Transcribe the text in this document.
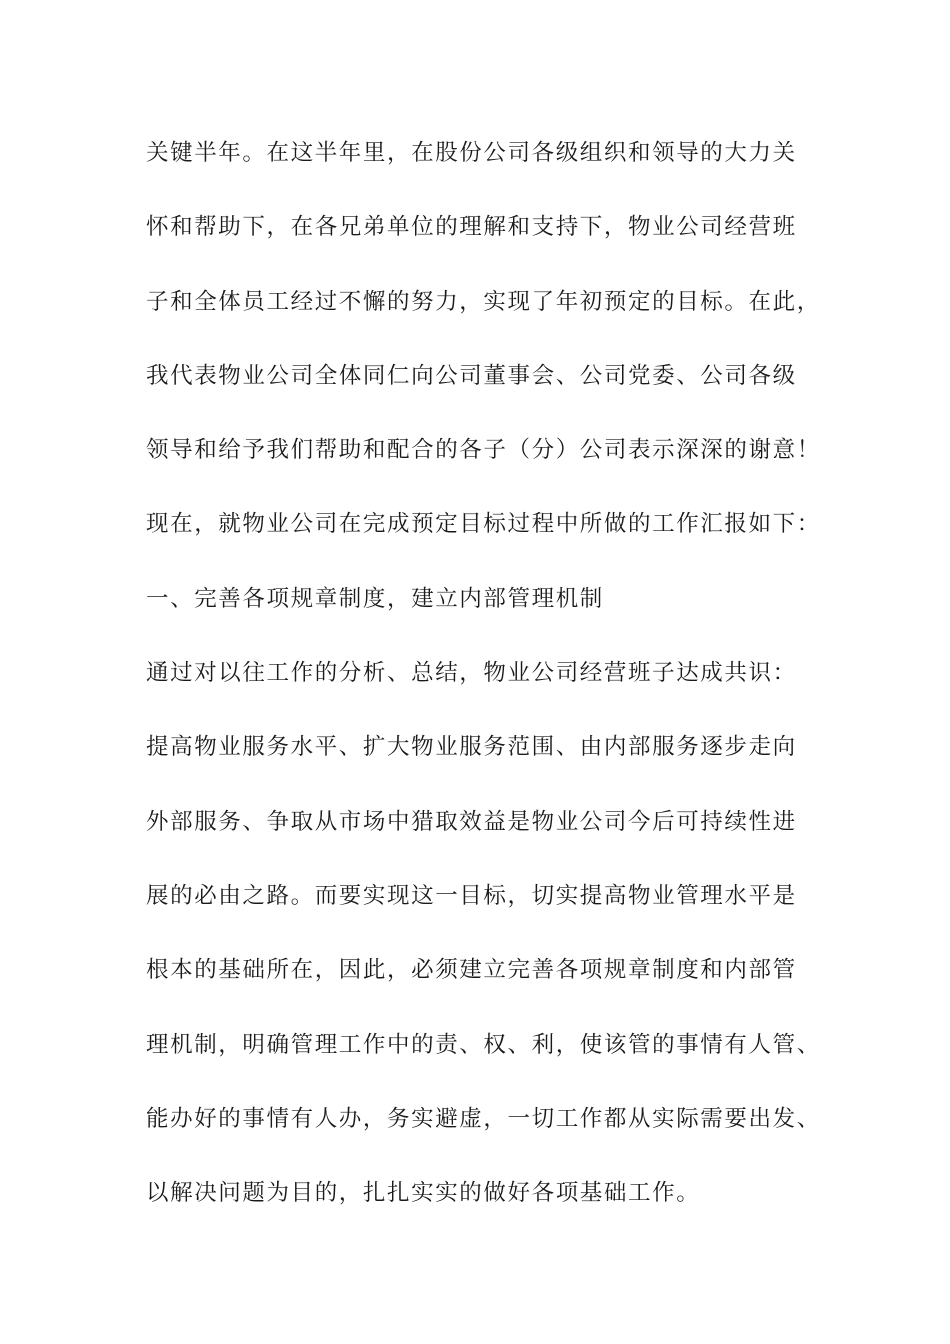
关键半年。在这半年里，在股份公司各级组织和领导的大力关
怀和帮助下，在各兄弟单位的理解和支持下，物业公司经营班
子和全体员工经过不懈的努力，实现了年初预定的目标。在此，
我代表物业公司全体同仁向公司董事会、公司党委、公司各级
领导和给予我们帮助和配合的各子（分）公司表示深深的谢意！
现在，就物业公司在完成预定目标过程中所做的工作汇报如下：
一、完善各项规章制度，建立内部管理机制
通过对以往工作的分析、总结，物业公司经营班子达成共识：
提高物业服务水平、扩大物业服务范围、由内部服务逐步走向
外部服务、争取从市场中猎取效益是物业公司今后可持续性进
展的必由之路。而要实现这一目标，切实提高物业管理水平是
根本的基础所在，因此，必须建立完善各项规章制度和内部管
理机制，明确管理工作中的责、权、利，使该管的事情有人管、
能办好的事情有人办，务实避虚，一切工作都从实际需要出发、
以解决问题为目的，扎扎实实的做好各项基础工作。
